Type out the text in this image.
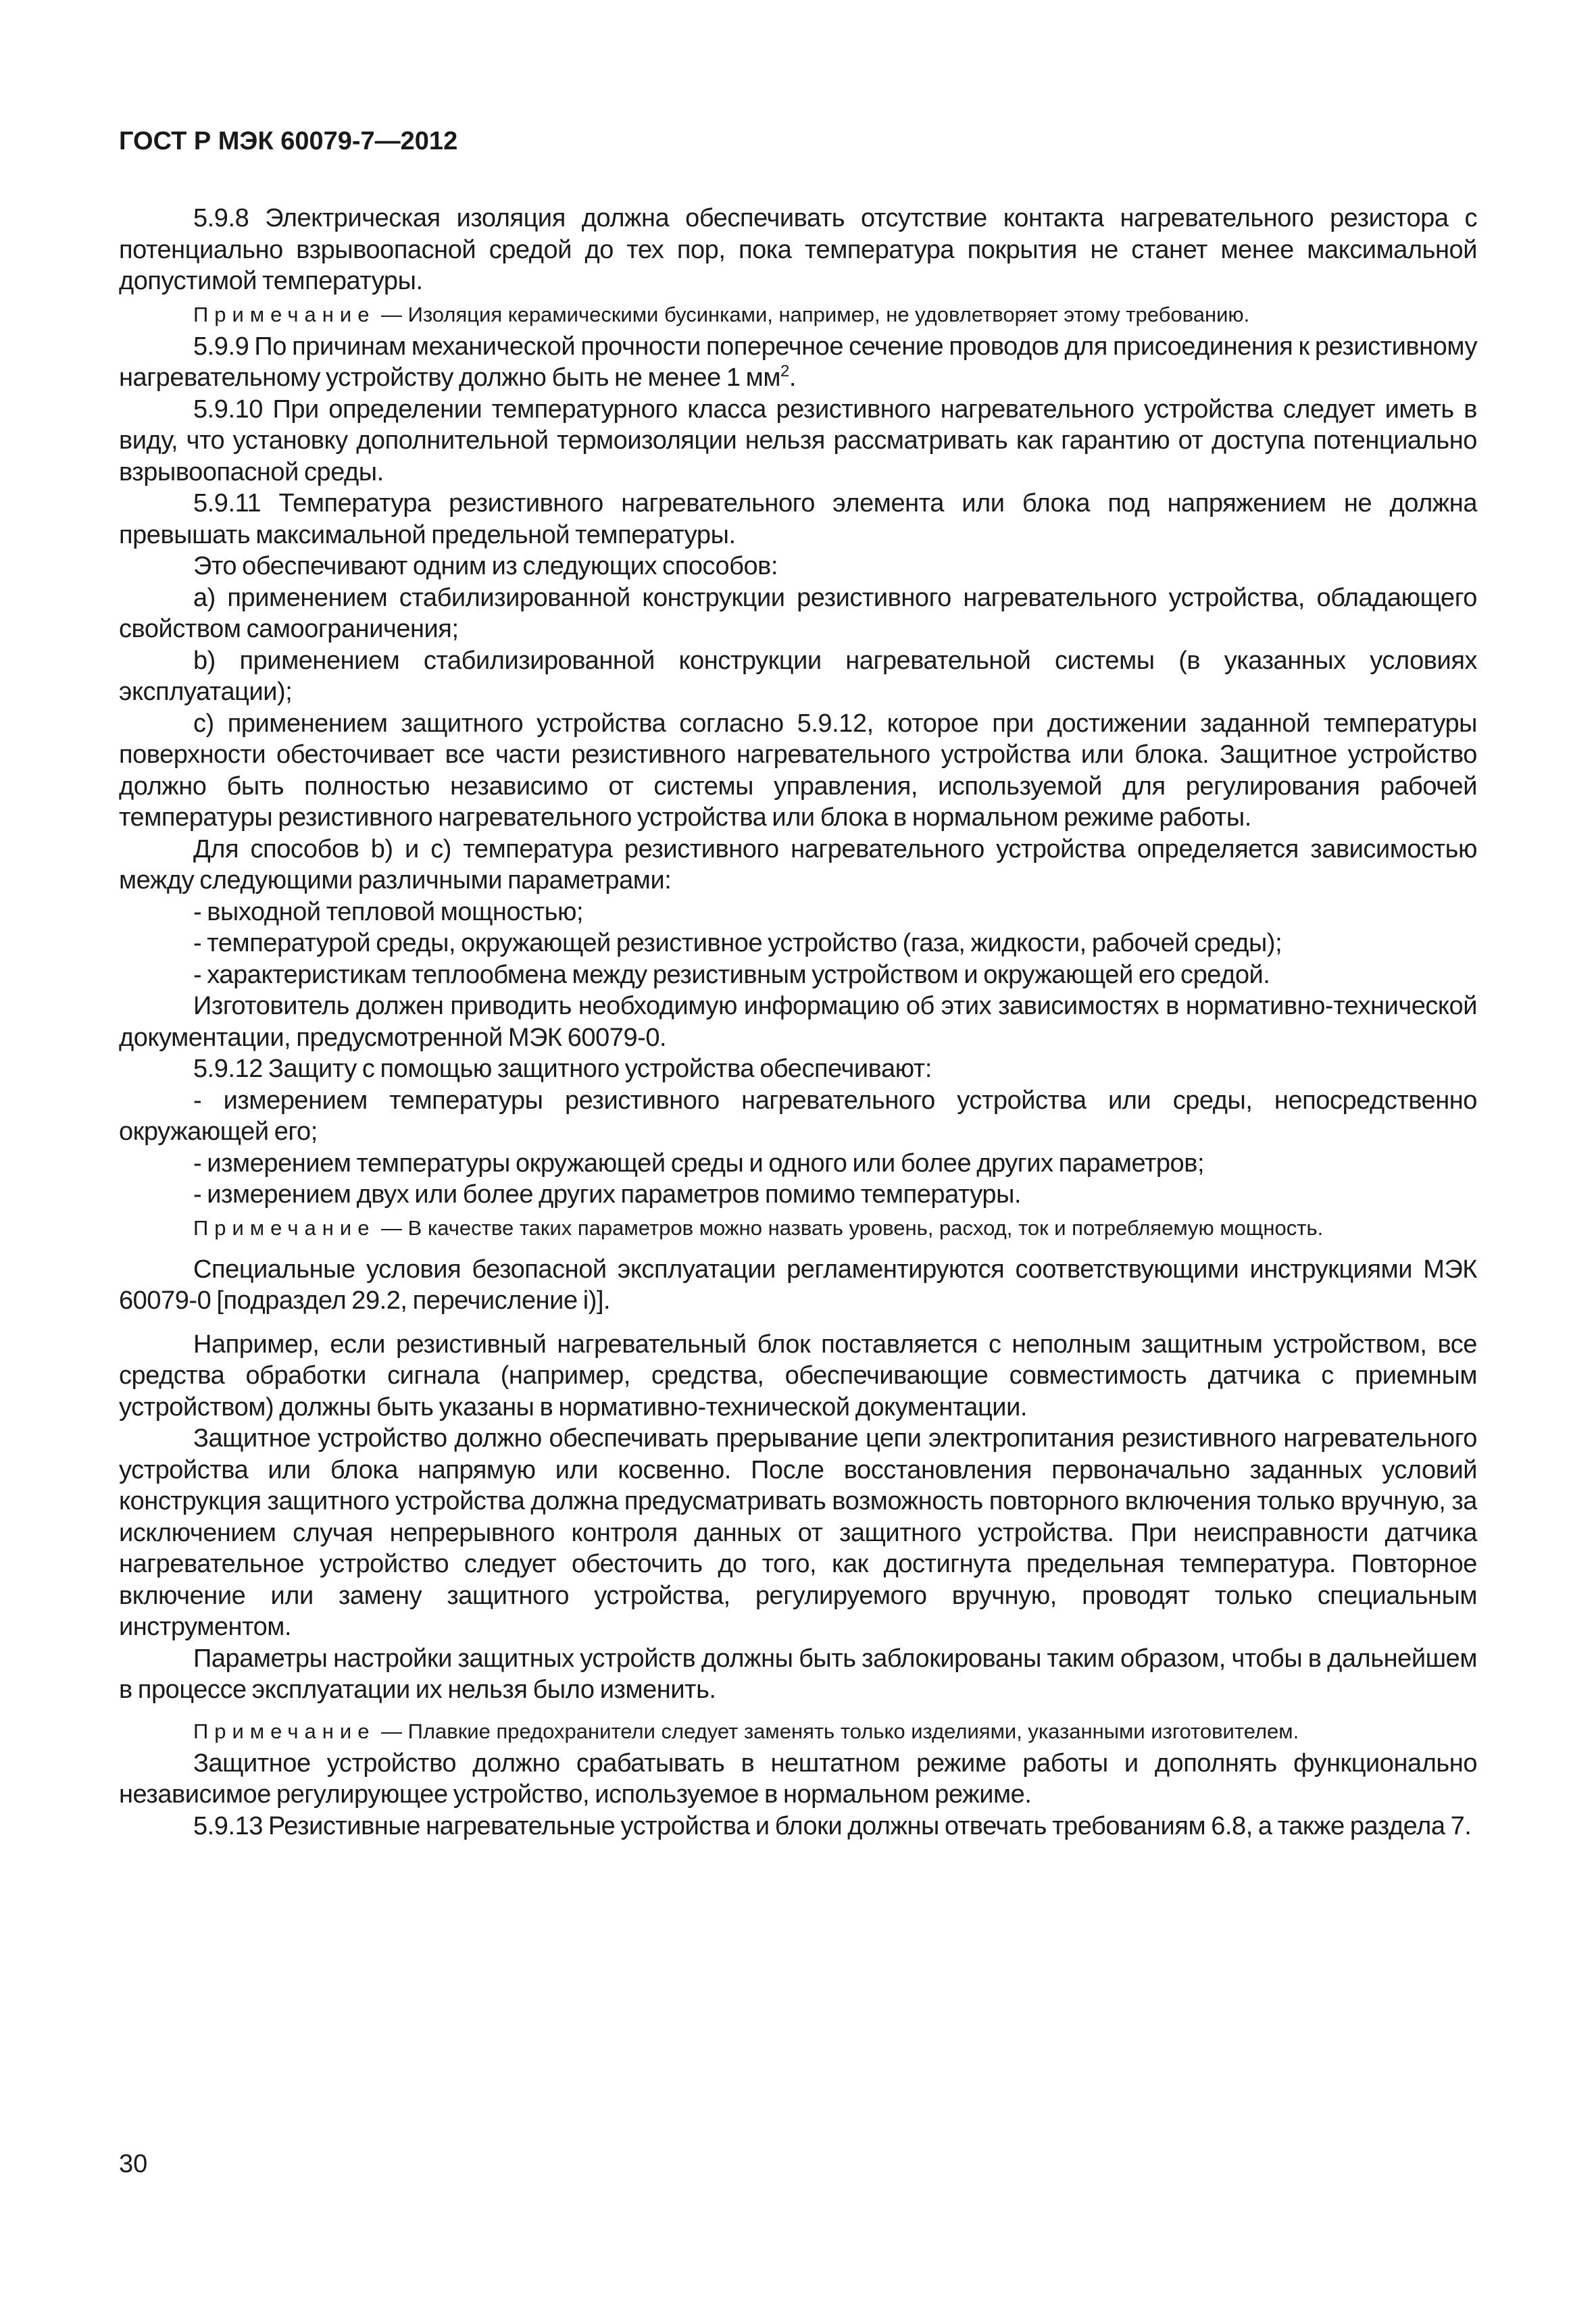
ГОСТ Р МЭК 60079-7—2012

5.9.8 Электрическая изоляция должна обеспечивать отсутствие контакта нагревательного резистора с потенциально взрывоопасной средой до тех пор, пока температура покрытия не станет менее максимальной допустимой температуры.

Примечание — Изоляция керамическими бусинками, например, не удовлетворяет этому требованию.

5.9.9 По причинам механической прочности поперечное сечение проводов для присоединения к резистивному нагревательному устройству должно быть не менее 1 $мм^2$.

5.9.10 При определении температурного класса резистивного нагревательного устройства следует иметь в виду, что установку дополнительной термоизоляции нельзя рассматривать как гарантию от доступа потенциально взрывоопасной среды.

5.9.11 Температура резистивного нагревательного элемента или блока под напряжением не должна превышать максимальной предельной температуры.

Это обеспечивают одним из следующих способов:

a) применением стабилизированной конструкции резистивного нагревательного устройства, обладающего свойством самоограничения;

b) применением стабилизированной конструкции нагревательной системы (в указанных условиях эксплуатации);

c) применением защитного устройства согласно 5.9.12, которое при достижении заданной температуры поверхности обесточивает все части резистивного нагревательного устройства или блока. Защитное устройство должно быть полностью независимо от системы управления, используемой для регулирования рабочей температуры резистивного нагревательного устройства или блока в нормальном режиме работы.

Для способов b) и c) температура резистивного нагревательного устройства определяется зависимостью между следующими различными параметрами:

- выходной тепловой мощностью;

- температурой среды, окружающей резистивное устройство (газа, жидкости, рабочей среды);

- характеристикам теплообмена между резистивным устройством и окружающей его средой.

Изготовитель должен приводить необходимую информацию об этих зависимостях в нормативно-технической документации, предусмотренной МЭК 60079-0.

5.9.12 Защиту с помощью защитного устройства обеспечивают:

- измерением температуры резистивного нагревательного устройства или среды, непосредственно окружающей его;

- измерением температуры окружающей среды и одного или более других параметров;

- измерением двух или более других параметров помимо температуры.

Примечание — В качестве таких параметров можно назвать уровень, расход, ток и потребляемую мощность.

Специальные условия безопасной эксплуатации регламентируются соответствующими инструкциями МЭК 60079-0 [подраздел 29.2, перечисление i)].

Например, если резистивный нагревательный блок поставляется с неполным защитным устройством, все средства обработки сигнала (например, средства, обеспечивающие совместимость датчика с приемным устройством) должны быть указаны в нормативно-технической документации.

Защитное устройство должно обеспечивать прерывание цепи электропитания резистивного нагревательного устройства или блока напрямую или косвенно. После восстановления первоначально заданных условий конструкция защитного устройства должна предусматривать возможность повторного включения только вручную, за исключением случая непрерывного контроля данных от защитного устройства. При неисправности датчика нагревательное устройство следует обесточить до того, как достигнута предельная температура. Повторное включение или замену защитного устройства, регулируемого вручную, проводят только специальным инструментом.

Параметры настройки защитных устройств должны быть заблокированы таким образом, чтобы в дальнейшем в процессе эксплуатации их нельзя было изменить.

Примечание — Плавкие предохранители следует заменять только изделиями, указанными изготовителем.

Защитное устройство должно срабатывать в нештатном режиме работы и дополнять функционально независимое регулирующее устройство, используемое в нормальном режиме.

5.9.13 Резистивные нагревательные устройства и блоки должны отвечать требованиям 6.8, а также раздела 7.

30
